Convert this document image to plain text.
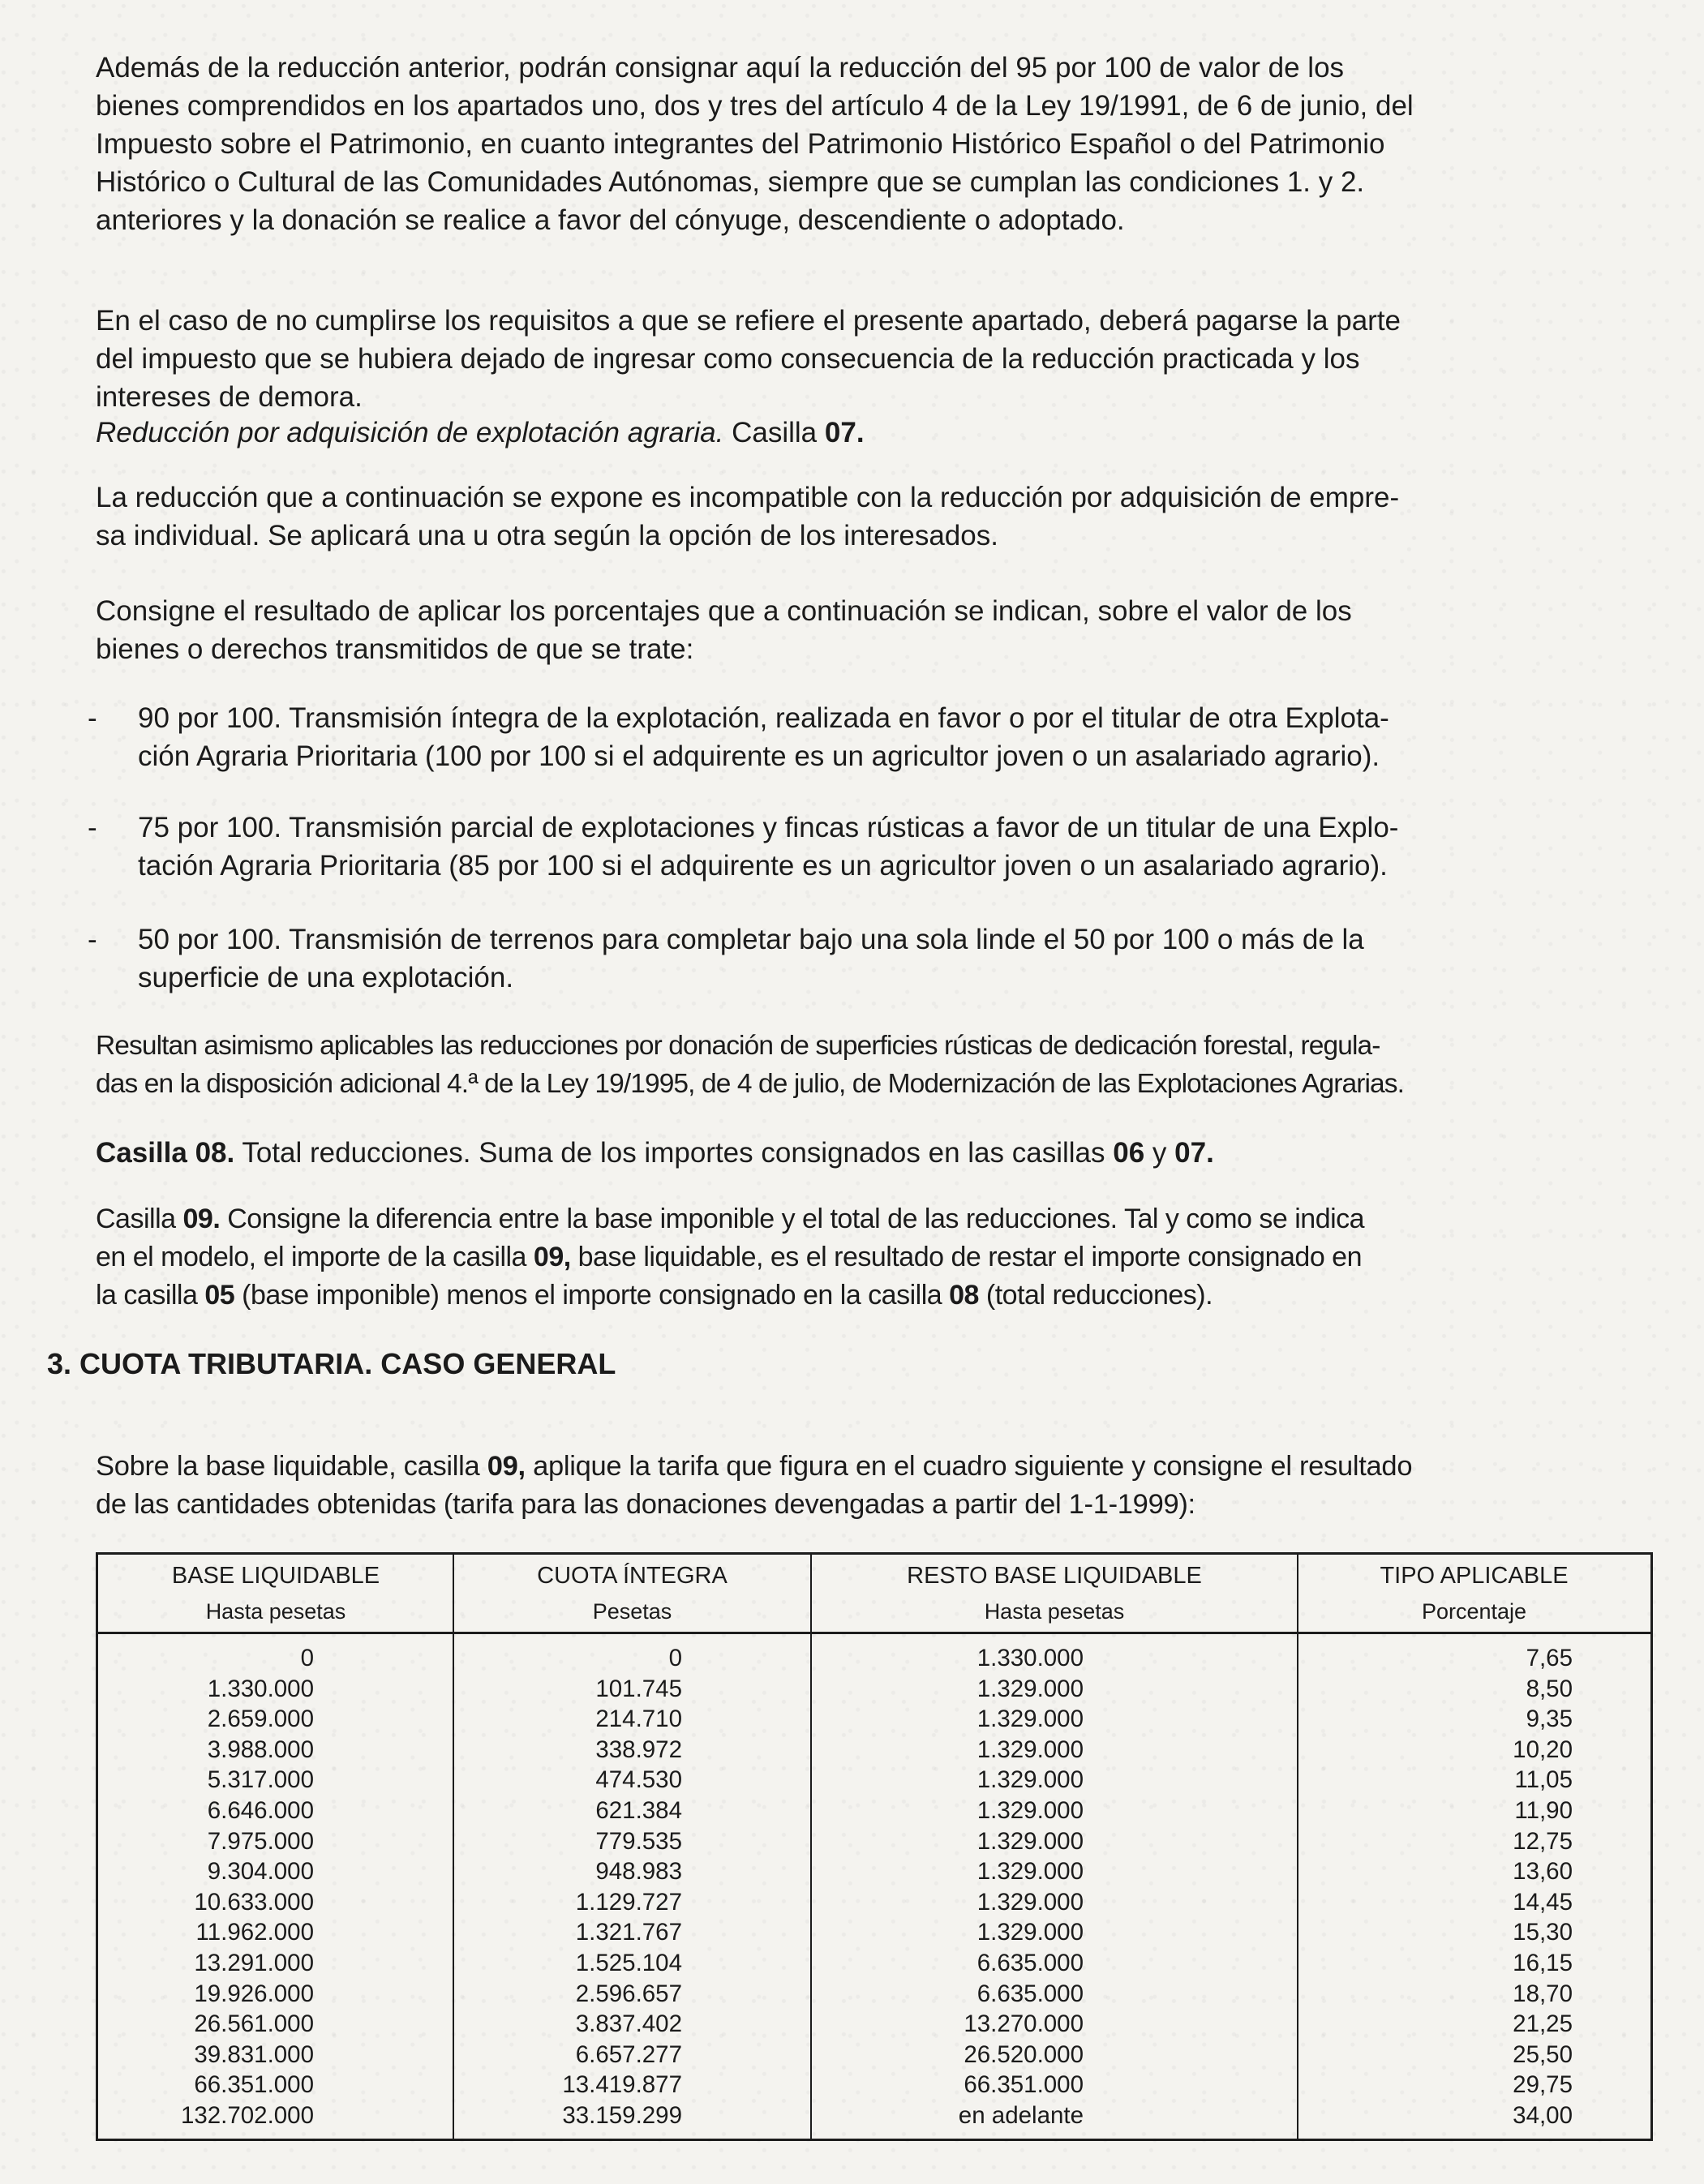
Además de la reducción anterior, podrán consignar aquí la reducción del 95 por 100 de valor de los
bienes comprendidos en los apartados uno, dos y tres del artículo 4 de la Ley 19/1991, de 6 de junio, del
Impuesto sobre el Patrimonio, en cuanto integrantes del Patrimonio Histórico Español o del Patrimonio
Histórico o Cultural de las Comunidades Autónomas, siempre que se cumplan las condiciones 1. y 2.
anteriores y la donación se realice a favor del cónyuge, descendiente o adoptado.

En el caso de no cumplirse los requisitos a que se refiere el presente apartado, deberá pagarse la parte
del impuesto que se hubiera dejado de ingresar como consecuencia de la reducción practicada y los
intereses de demora.

Reducción por adquisición de explotación agraria. Casilla 07.

La reducción que a continuación se expone es incompatible con la reducción por adquisición de empre-
sa individual. Se aplicará una u otra según la opción de los interesados.

Consigne el resultado de aplicar los porcentajes que a continuación se indican, sobre el valor de los
bienes o derechos transmitidos de que se trate:

- 90 por 100. Transmisión íntegra de la explotación, realizada en favor o por el titular de otra Explota-
ción Agraria Prioritaria (100 por 100 si el adquirente es un agricultor joven o un asalariado agrario).
- 75 por 100. Transmisión parcial de explotaciones y fincas rústicas a favor de un titular de una Explo-
tación Agraria Prioritaria (85 por 100 si el adquirente es un agricultor joven o un asalariado agrario).
- 50 por 100. Transmisión de terrenos para completar bajo una sola linde el 50 por 100 o más de la
superficie de una explotación.

Resultan asimismo aplicables las reducciones por donación de superficies rústicas de dedicación forestal, regula-
das en la disposición adicional 4.ª de la Ley 19/1995, de 4 de julio, de Modernización de las Explotaciones Agrarias.

Casilla 08. Total reducciones. Suma de los importes consignados en las casillas 06 y 07.

Casilla 09. Consigne la diferencia entre la base imponible y el total de las reducciones. Tal y como se indica
en el modelo, el importe de la casilla 09, base liquidable, es el resultado de restar el importe consignado en
la casilla 05 (base imponible) menos el importe consignado en la casilla 08 (total reducciones).

3. CUOTA TRIBUTARIA. CASO GENERAL

Sobre la base liquidable, casilla 09, aplique la tarifa que figura en el cuadro siguiente y consigne el resultado
de las cantidades obtenidas (tarifa para las donaciones devengadas a partir del 1-1-1999):

BASE LIQUIDABLE
Hasta pesetas
CUOTA ÍNTEGRA
Pesetas
RESTO BASE LIQUIDABLE
Hasta pesetas
TIPO APLICABLE
Porcentaje
0	0	1.330.000	7,65
1.330.000	101.745	1.329.000	8,50
2.659.000	214.710	1.329.000	9,35
3.988.000	338.972	1.329.000	10,20
5.317.000	474.530	1.329.000	11,05
6.646.000	621.384	1.329.000	11,90
7.975.000	779.535	1.329.000	12,75
9.304.000	948.983	1.329.000	13,60
10.633.000	1.129.727	1.329.000	14,45
11.962.000	1.321.767	1.329.000	15,30
13.291.000	1.525.104	6.635.000	16,15
19.926.000	2.596.657	6.635.000	18,70
26.561.000	3.837.402	13.270.000	21,25
39.831.000	6.657.277	26.520.000	25,50
66.351.000	13.419.877	66.351.000	29,75
132.702.000	33.159.299	en adelante	34,00
